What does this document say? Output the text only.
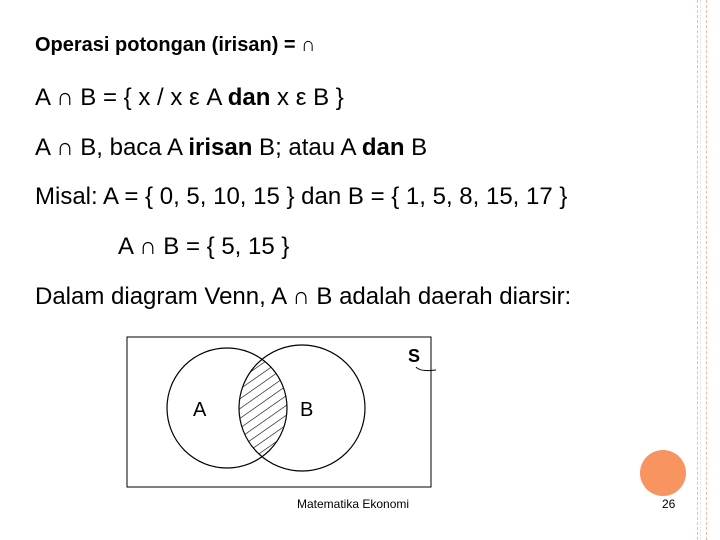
Operasi potongan (irisan) = ∩
A ∩ B = { x / x ε A dan x ε B }
A ∩ B, baca A irisan B; atau A dan B
Misal: A = { 0, 5, 10, 15 } dan B = { 1, 5, 8, 15, 17 }
A ∩ B = { 5, 15 }
Dalam diagram Venn, A ∩ B adalah daerah diarsir:
S
A	B
Matematika Ekonomi	26
